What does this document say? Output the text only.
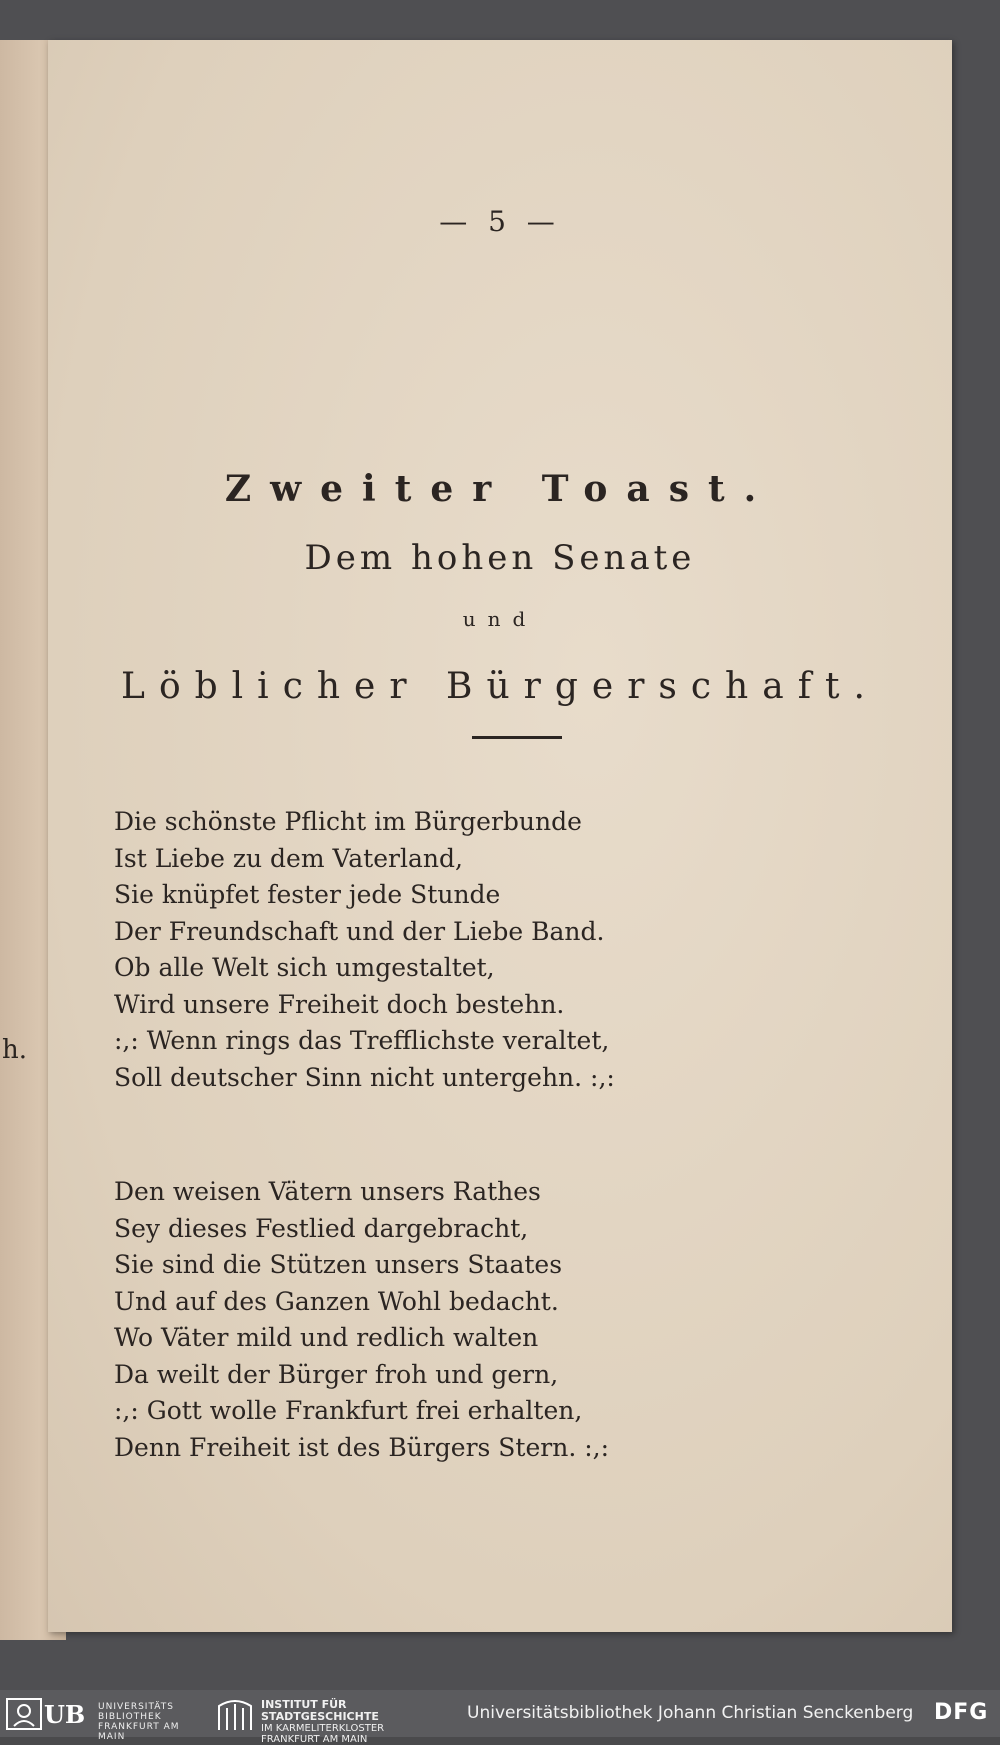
h.
— 5 —
Zweiter Toast.
Dem hohen Senate
und
Löblicher Bürgerschaft.
Die schönste Pflicht im Bürgerbunde
Ist Liebe zu dem Vaterland,
Sie knüpfet fester jede Stunde
Der Freundschaft und der Liebe Band.
Ob alle Welt sich umgestaltet,
Wird unsere Freiheit doch bestehn.
:,: Wenn rings das Trefflichste veraltet,
Soll deutscher Sinn nicht untergehn. :,:
Den weisen Vätern unsers Rathes
Sey dieses Festlied dargebracht,
Sie sind die Stützen unsers Staates
Und auf des Ganzen Wohl bedacht.
Wo Väter mild und redlich walten
Da weilt der Bürger froh und gern,
:,: Gott wolle Frankfurt frei erhalten,
Denn Freiheit ist des Bürgers Stern. :,:
UB UNIVERSITÄTS
BIBLIOTHEK
FRANKFURT AM MAIN
INSTITUT FÜR
STADTGESCHICHTE
IM KARMELITERKLOSTER
FRANKFURT AM MAIN
Universitätsbibliothek Johann Christian Senckenberg DFG
